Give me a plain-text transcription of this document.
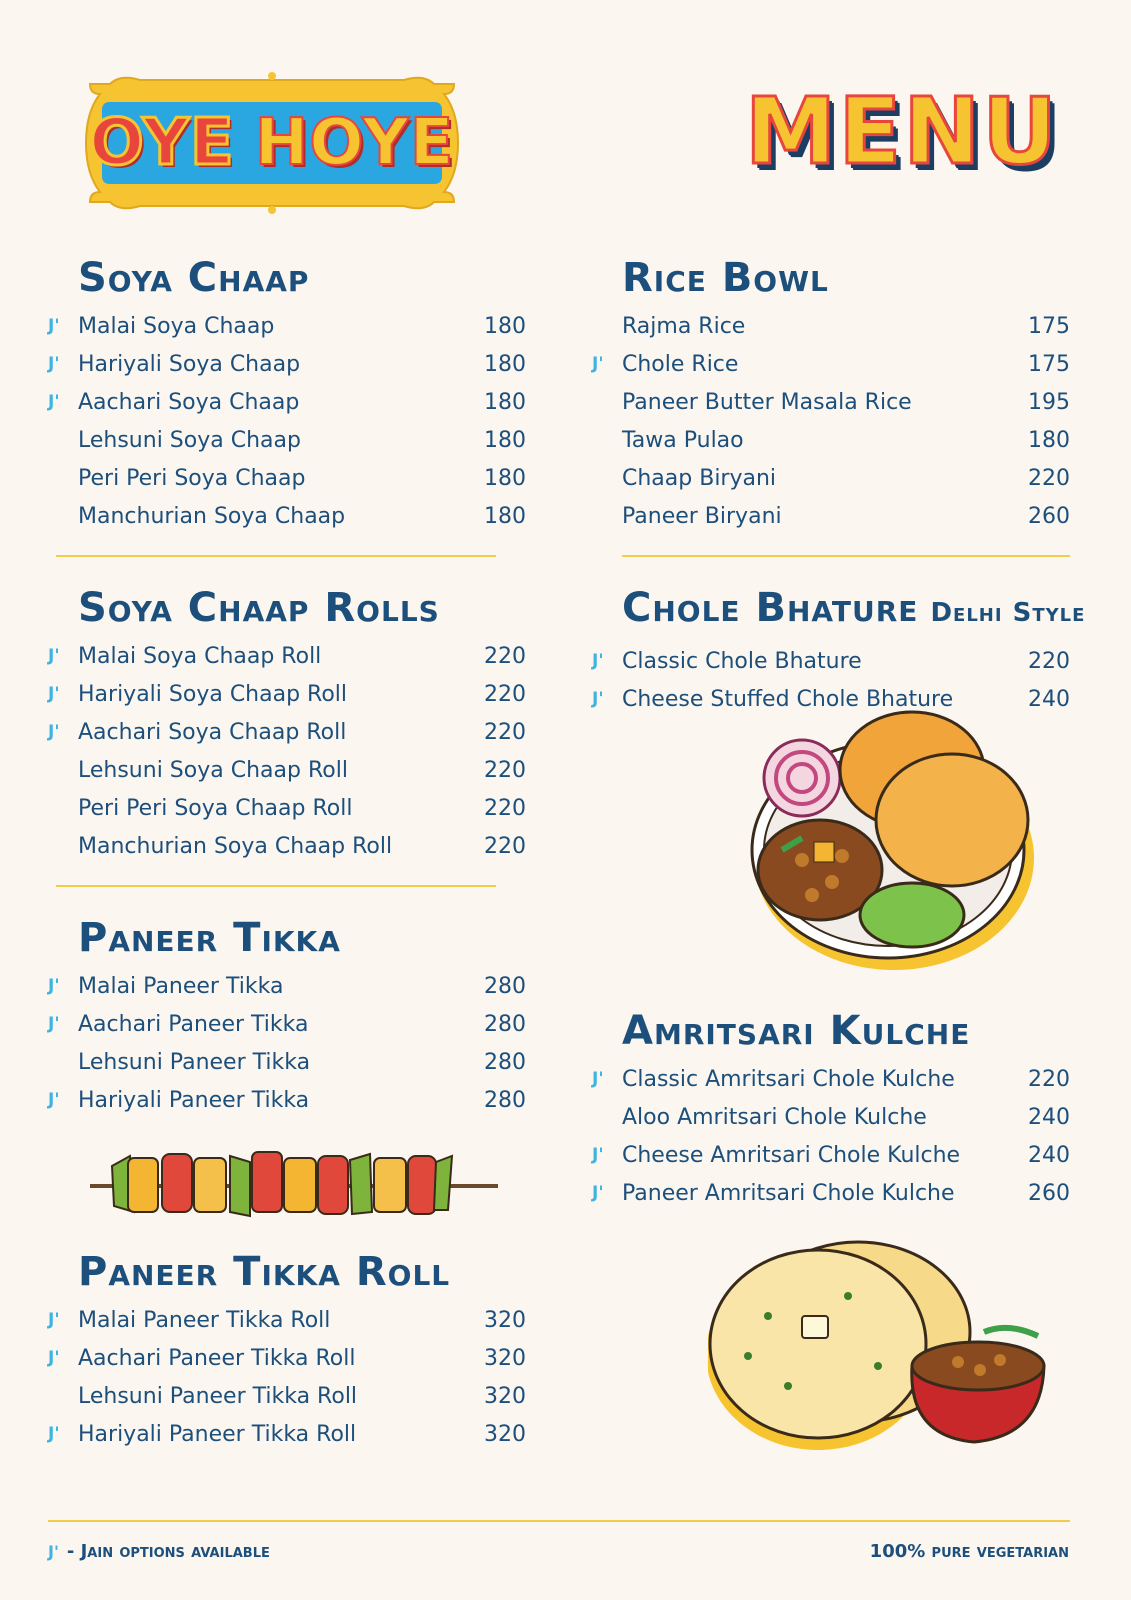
OYE HOYE	MENU
Soya Chaap
J' Malai Soya Chaap	180
J' Hariyali Soya Chaap	180
J' Aachari Soya Chaap	180
Lehsuni Soya Chaap	180
Peri Peri Soya Chaap	180
Manchurian Soya Chaap	180
Soya Chaap Rolls
J' Malai Soya Chaap Roll	220
J' Hariyali Soya Chaap Roll	220
J' Aachari Soya Chaap Roll	220
Lehsuni Soya Chaap Roll	220
Peri Peri Soya Chaap Roll	220
Manchurian Soya Chaap Roll	220
Paneer Tikka
J' Malai Paneer Tikka	280
J' Aachari Paneer Tikka	280
Lehsuni Paneer Tikka	280
J' Hariyali Paneer Tikka	280
Paneer Tikka Roll
J' Malai Paneer Tikka Roll	320
J' Aachari Paneer Tikka Roll	320
Lehsuni Paneer Tikka Roll	320
J' Hariyali Paneer Tikka Roll	320
Rice Bowl
Rajma Rice	175
J' Chole Rice	175
Paneer Butter Masala Rice	195
Tawa Pulao	180
Chaap Biryani	220
Paneer Biryani	260
Chole Bhature Delhi Style
J' Classic Chole Bhature	220
J' Cheese Stuffed Chole Bhature	240
Amritsari Kulche
J' Classic Amritsari Chole Kulche	220
Aloo Amritsari Chole Kulche	240
J' Cheese Amritsari Chole Kulche	240
J' Paneer Amritsari Chole Kulche	260
J' - Jain options available	100% pure vegetarian
